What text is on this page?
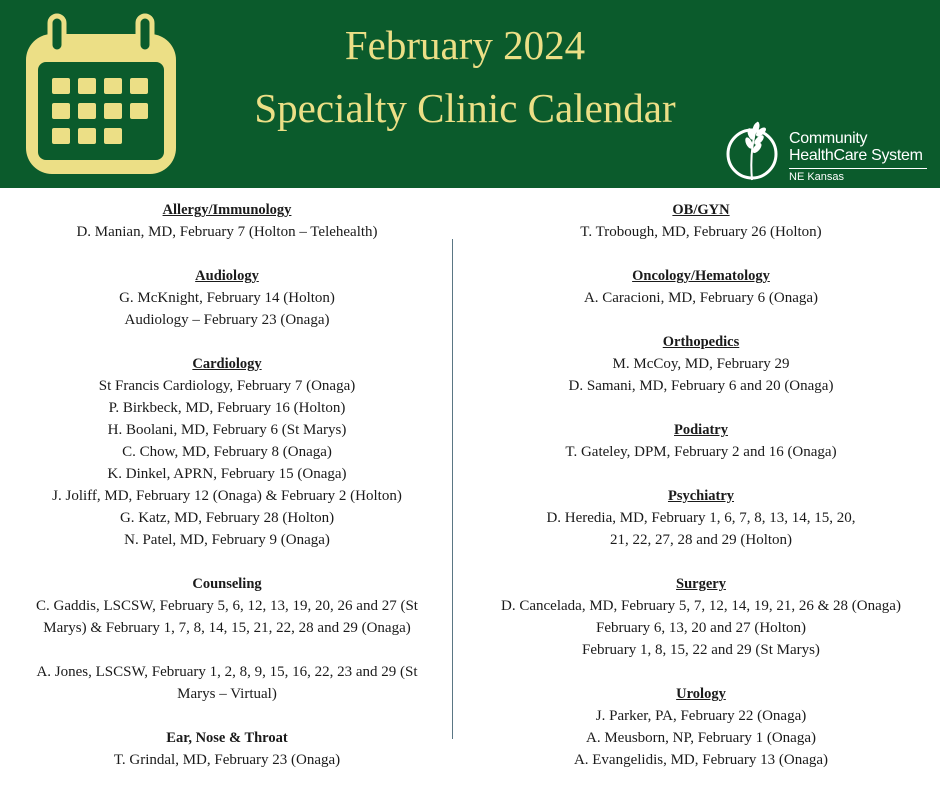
February 2024
Specialty Clinic Calendar
Community
HealthCare System
NE Kansas
Allergy/Immunology
D. Manian, MD, February 7 (Holton – Telehealth)
Audiology
G. McKnight, February 14 (Holton)
Audiology – February 23 (Onaga)
Cardiology
St Francis Cardiology, February 7 (Onaga)
P. Birkbeck, MD, February 16 (Holton)
H. Boolani, MD, February 6 (St Marys)
C. Chow, MD, February 8 (Onaga)
K. Dinkel, APRN, February 15 (Onaga)
J. Joliff, MD, February 12 (Onaga) & February 2 (Holton)
G. Katz, MD, February 28 (Holton)
N. Patel, MD, February 9 (Onaga)
Counseling
C. Gaddis, LSCSW, February 5, 6, 12, 13, 19, 20, 26 and 27 (St
Marys) & February 1, 7, 8, 14, 15, 21, 22, 28 and 29 (Onaga)
A. Jones, LSCSW, February 1, 2, 8, 9, 15, 16, 22, 23 and 29 (St
Marys – Virtual)
Ear, Nose & Throat
T. Grindal, MD, February 23 (Onaga)
OB/GYN
T. Trobough, MD, February 26 (Holton)
Oncology/Hematology
A. Caracioni, MD, February 6 (Onaga)
Orthopedics
M. McCoy, MD, February 29
D. Samani, MD, February 6 and 20 (Onaga)
Podiatry
T. Gateley, DPM, February 2 and 16 (Onaga)
Psychiatry
D. Heredia, MD, February 1, 6, 7, 8, 13, 14, 15, 20,
21, 22, 27, 28 and 29 (Holton)
Surgery
D. Cancelada, MD, February 5, 7, 12, 14, 19, 21, 26 & 28 (Onaga)
February 6, 13, 20 and 27 (Holton)
February 1, 8, 15, 22 and 29 (St Marys)
Urology
J. Parker, PA, February 22 (Onaga)
A. Meusborn, NP, February 1 (Onaga)
A. Evangelidis, MD, February 13 (Onaga)
